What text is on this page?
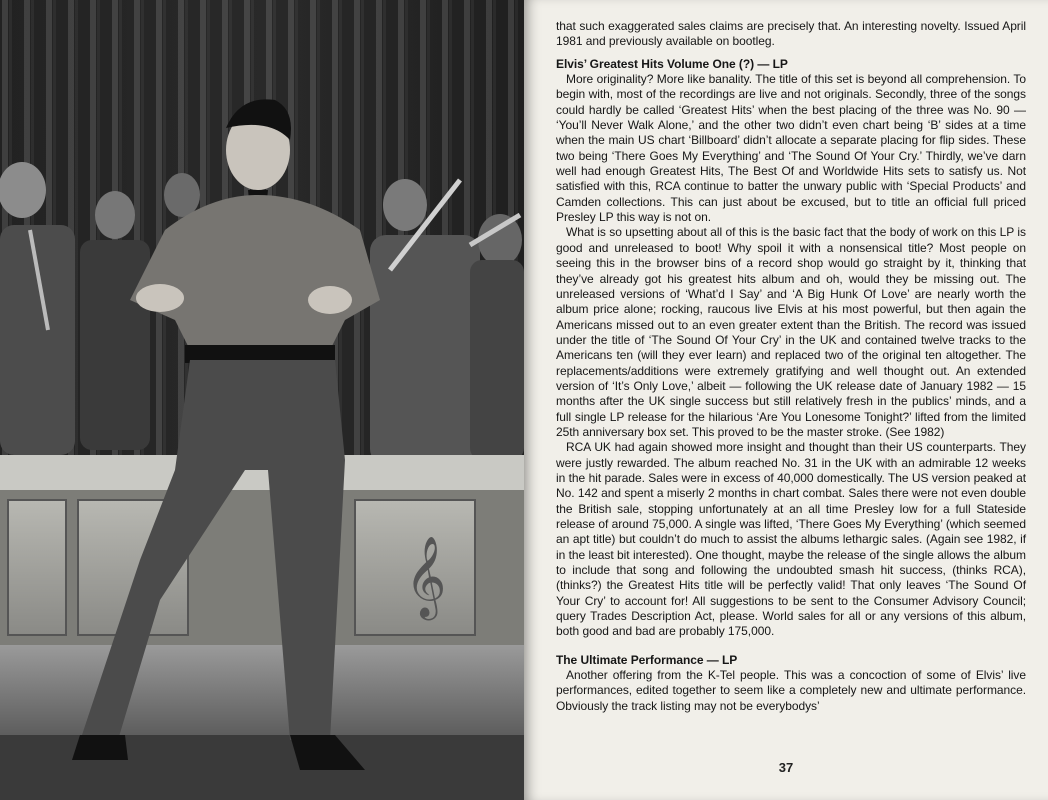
𝄞

that such exaggerated sales claims are precisely that. An interesting novelty. Issued April 1981 and previously available on bootleg.

Elvis’ Greatest Hits Volume One (?) — LP

More originality? More like banality. The title of this set is beyond all comprehension. To begin with, most of the recordings are live and not originals. Secondly, three of the songs could hardly be called ‘Greatest Hits’ when the best placing of the three was No. 90 — ‘You’ll Never Walk Alone,’ and the other two didn’t even chart being ‘B’ sides at a time when the main US chart ‘Billboard’ didn’t allocate a separate placing for flip sides. These two being ‘There Goes My Everything’ and ‘The Sound Of Your Cry.’ Thirdly, we’ve darn well had enough Greatest Hits, The Best Of and Worldwide Hits sets to satisfy us. Not satisfied with this, RCA continue to batter the unwary public with ‘Special Products’ and Camden collections. This can just about be excused, but to title an official full priced Presley LP this way is not on.

What is so upsetting about all of this is the basic fact that the body of work on this LP is good and unreleased to boot! Why spoil it with a nonsensical title? Most people on seeing this in the browser bins of a record shop would go straight by it, thinking that they’ve already got his greatest hits album and oh, would they be missing out. The unreleased versions of ‘What’d I Say’ and ‘A Big Hunk Of Love’ are nearly worth the album price alone; rocking, raucous live Elvis at his most powerful, but then again the Americans missed out to an even greater extent than the British. The record was issued under the title of ‘The Sound Of Your Cry’ in the UK and contained twelve tracks to the Americans ten (will they ever learn) and replaced two of the original ten altogether. The replacements/additions were extremely gratifying and well thought out. An extended version of ‘It’s Only Love,’ albeit — following the UK release date of January 1982 — 15 months after the UK single success but still relatively fresh in the publics’ minds, and a full single LP release for the hilarious ‘Are You Lonesome Tonight?’ lifted from the limited 25th anniversary box set. This proved to be the master stroke. (See 1982)

RCA UK had again showed more insight and thought than their US counterparts. They were justly rewarded. The album reached No. 31 in the UK with an admirable 12 weeks in the hit parade. Sales were in excess of 40,000 domestically. The US version peaked at No. 142 and spent a miserly 2 months in chart combat. Sales there were not even double the British sale, stopping unfortunately at an all time Presley low for a full Stateside release of around 75,000. A single was lifted, ‘There Goes My Everything’ (which seemed an apt title) but couldn’t do much to assist the albums lethargic sales. (Again see 1982, if in the least bit interested). One thought, maybe the release of the single allows the album to include that song and following the undoubted smash hit success, (thinks RCA), (thinks?) the Greatest Hits title will be perfectly valid! That only leaves ‘The Sound Of Your Cry’ to account for! All suggestions to be sent to the Consumer Advisory Council; query Trades Description Act, please. World sales for all or any versions of this album, both good and bad are probably 175,000.

The Ultimate Performance — LP

Another offering from the K-Tel people. This was a concoction of some of Elvis’ live performances, edited together to seem like a completely new and ultimate performance. Obviously the track listing may not be everybodys’

37
